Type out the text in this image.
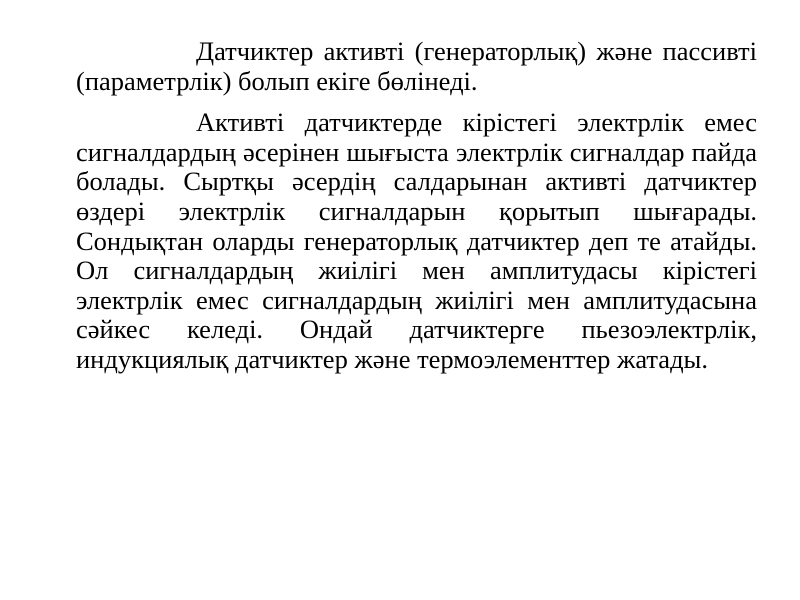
Датчиктер активті (генераторлық) және пассивті (параметрлік) болып екіге бөлінеді.

Активті датчиктерде кірістегі электрлік емес сигналдардың әсерінен шығыста электрлік сигналдар пайда болады. Сыртқы әсердің салдарынан активті датчиктер өздері электрлік сигналдарын қорытып шығарады. Сондықтан оларды генераторлық датчиктер деп те атайды. Ол сигналдардың жиілігі мен амплитудасы кірістегі электрлік емес сигналдардың жиілігі мен амплитудасына сәйкес келеді. Ондай датчиктерге пьезоэлектрлік, индукциялық датчиктер және термоэлементтер жатады.
